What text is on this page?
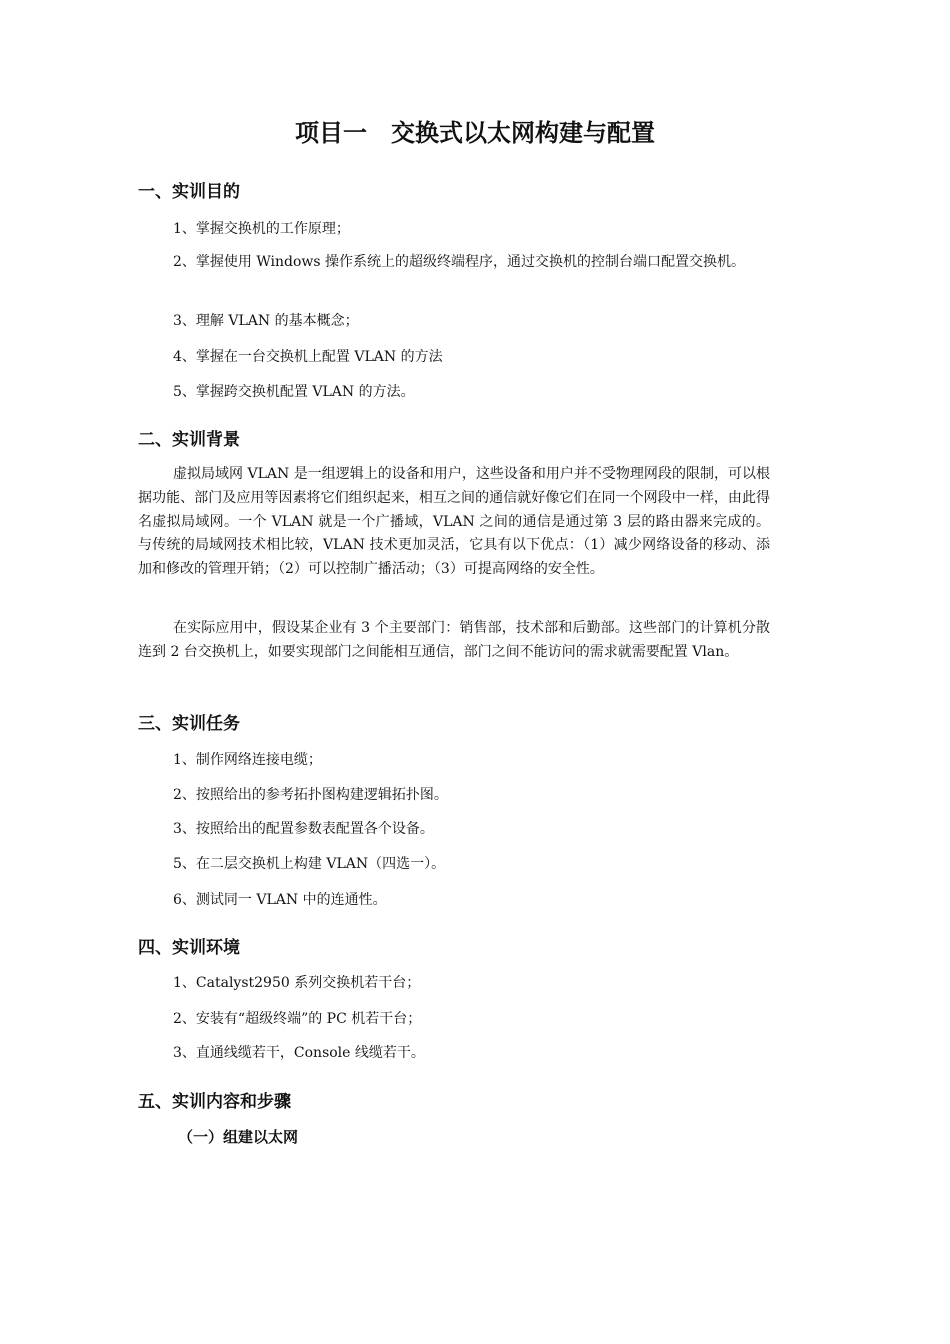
项目一　交换式以太网构建与配置
一、实训目的

1、掌握交换机的工作原理；

2、掌握使用 Windows 操作系统上的超级终端程序，通过交换机的控制台端口配置交换机。

3、理解 VLAN 的基本概念；

4、掌握在一台交换机上配置 VLAN 的方法

5、掌握跨交换机配置 VLAN 的方法。

二、实训背景

虚拟局域网 VLAN 是一组逻辑上的设备和用户，这些设备和用户并不受物理网段的限制，可以根据功能、部门及应用等因素将它们组织起来，相互之间的通信就好像它们在同一个网段中一样，由此得名虚拟局域网。一个 VLAN 就是一个广播域，VLAN 之间的通信是通过第 3 层的路由器来完成的。与传统的局域网技术相比较，VLAN 技术更加灵活，它具有以下优点：（1）减少网络设备的移动、添加和修改的管理开销；（2）可以控制广播活动；（3）可提高网络的安全性。

在实际应用中，假设某企业有 3 个主要部门：销售部，技术部和后勤部。这些部门的计算机分散连到 2 台交换机上，如要实现部门之间能相互通信，部门之间不能访问的需求就需要配置 Vlan。

三、实训任务

1、制作网络连接电缆；

2、按照给出的参考拓扑图构建逻辑拓扑图。

3、按照给出的配置参数表配置各个设备。

5、在二层交换机上构建 VLAN（四选一）。

6、测试同一 VLAN 中的连通性。

四、实训环境

1、Catalyst2950 系列交换机若干台；

2、安装有“超级终端”的 PC 机若干台；

3、直通线缆若干，Console 线缆若干。

五、实训内容和步骤
（一）组建以太网
